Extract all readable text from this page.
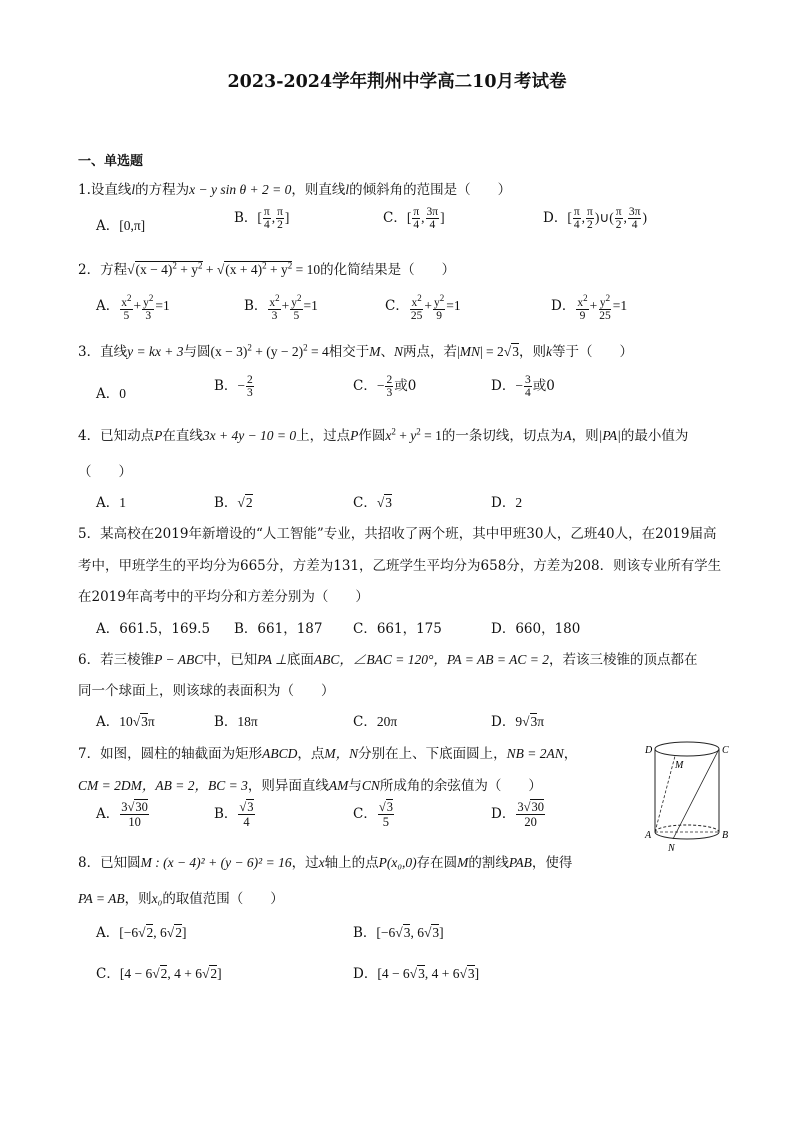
2023-2024学年荆州中学高二10月考试卷
一、单选题
1.设直线l的方程为x − y sin θ + 2 = 0，则直线l的倾斜角的范围是（　　）
A．[0,π]	B．[ $\frac{\pi}{4}$ , $\frac{\pi}{2}$ ]	C．[ $\frac{\pi}{4}$ , $\frac{3\pi}{4}$ ]	D．[ $\frac{\pi}{4}$ , $\frac{\pi}{2}$ )∪( $\frac{\pi}{2}$ , $\frac{3\pi}{4}$ )
2．方程$√(x - 4)^2 + y^2 + √(x + 4)^2 + y^2 = 10$的化简结果是（　　）
A． $\frac{x^2}{5} + \frac{y^2}{3} =1$	B． $\frac{x^2}{3} + \frac{y^2}{5} =1$	C． $\frac{x^2}{25} + \frac{y^2}{9} =1$	D． $\frac{x^2}{9} + \frac{y^2}{25} =1$
3．直线y = kx + 3与圆$(x - 3)^2 + (y - 2)^2 = 4$相交于M、N两点，若|MN| = 2√3，则k等于（　　）
A．0	B．− $\frac{2}{3}$	C．− $\frac{2}{3}$ 或0	D．− $\frac{3}{4}$ 或0
4．已知动点P在直线3x + 4y − 10 = 0上，过点P作圆$x^2 + y^2 = 1$的一条切线，切点为A，则|PA|的最小值为
（　　）
A．1	B．√2	C．√3	D．2
5．某高校在2019年新增设的“人工智能”专业，共招收了两个班，其中甲班30人，乙班40人，在2019届高
考中，甲班学生的平均分为665分，方差为131，乙班学生平均分为658分，方差为208．则该专业所有学生
在2019年高考中的平均分和方差分别为（　　）
A．661.5，169.5 B．661，187 C．661，175	D．660，180
6．若三棱锥P − ABC中，已知PA ⊥底面ABC，∠BAC = 120°，PA = AB = AC = 2，若该三棱锥的顶点都在
同一个球面上，则该球的表面积为（　　）
A．10√3π	B．18π	C．20π	D．9√3π
7．如图，圆柱的轴截面为矩形ABCD，点M，N分别在上、下底面圆上，NB = 2AN，
CM = 2DM，AB = 2，BC = 3，则异面直线AM与CN所成角的余弦值为（　　）
A． $\frac{3√30}{10}$	B． $\frac{√3}{4}$	C． $\frac{√3}{5}$	D． $\frac{3√30}{20}$
D	C
M
A	B
N
8．已知圆M : (x − 4)² + (y − 6)² = 16，过x轴上的点P(x₀,0)存在圆M的割线PAB，使得
PA = AB，则x₀的取值范围（　　）
A．[−6√2, 6√2]	B．[−6√3, 6√3]
C．[4 − 6√2, 4 + 6√2]	D．[4 − 6√3, 4 + 6√3]
